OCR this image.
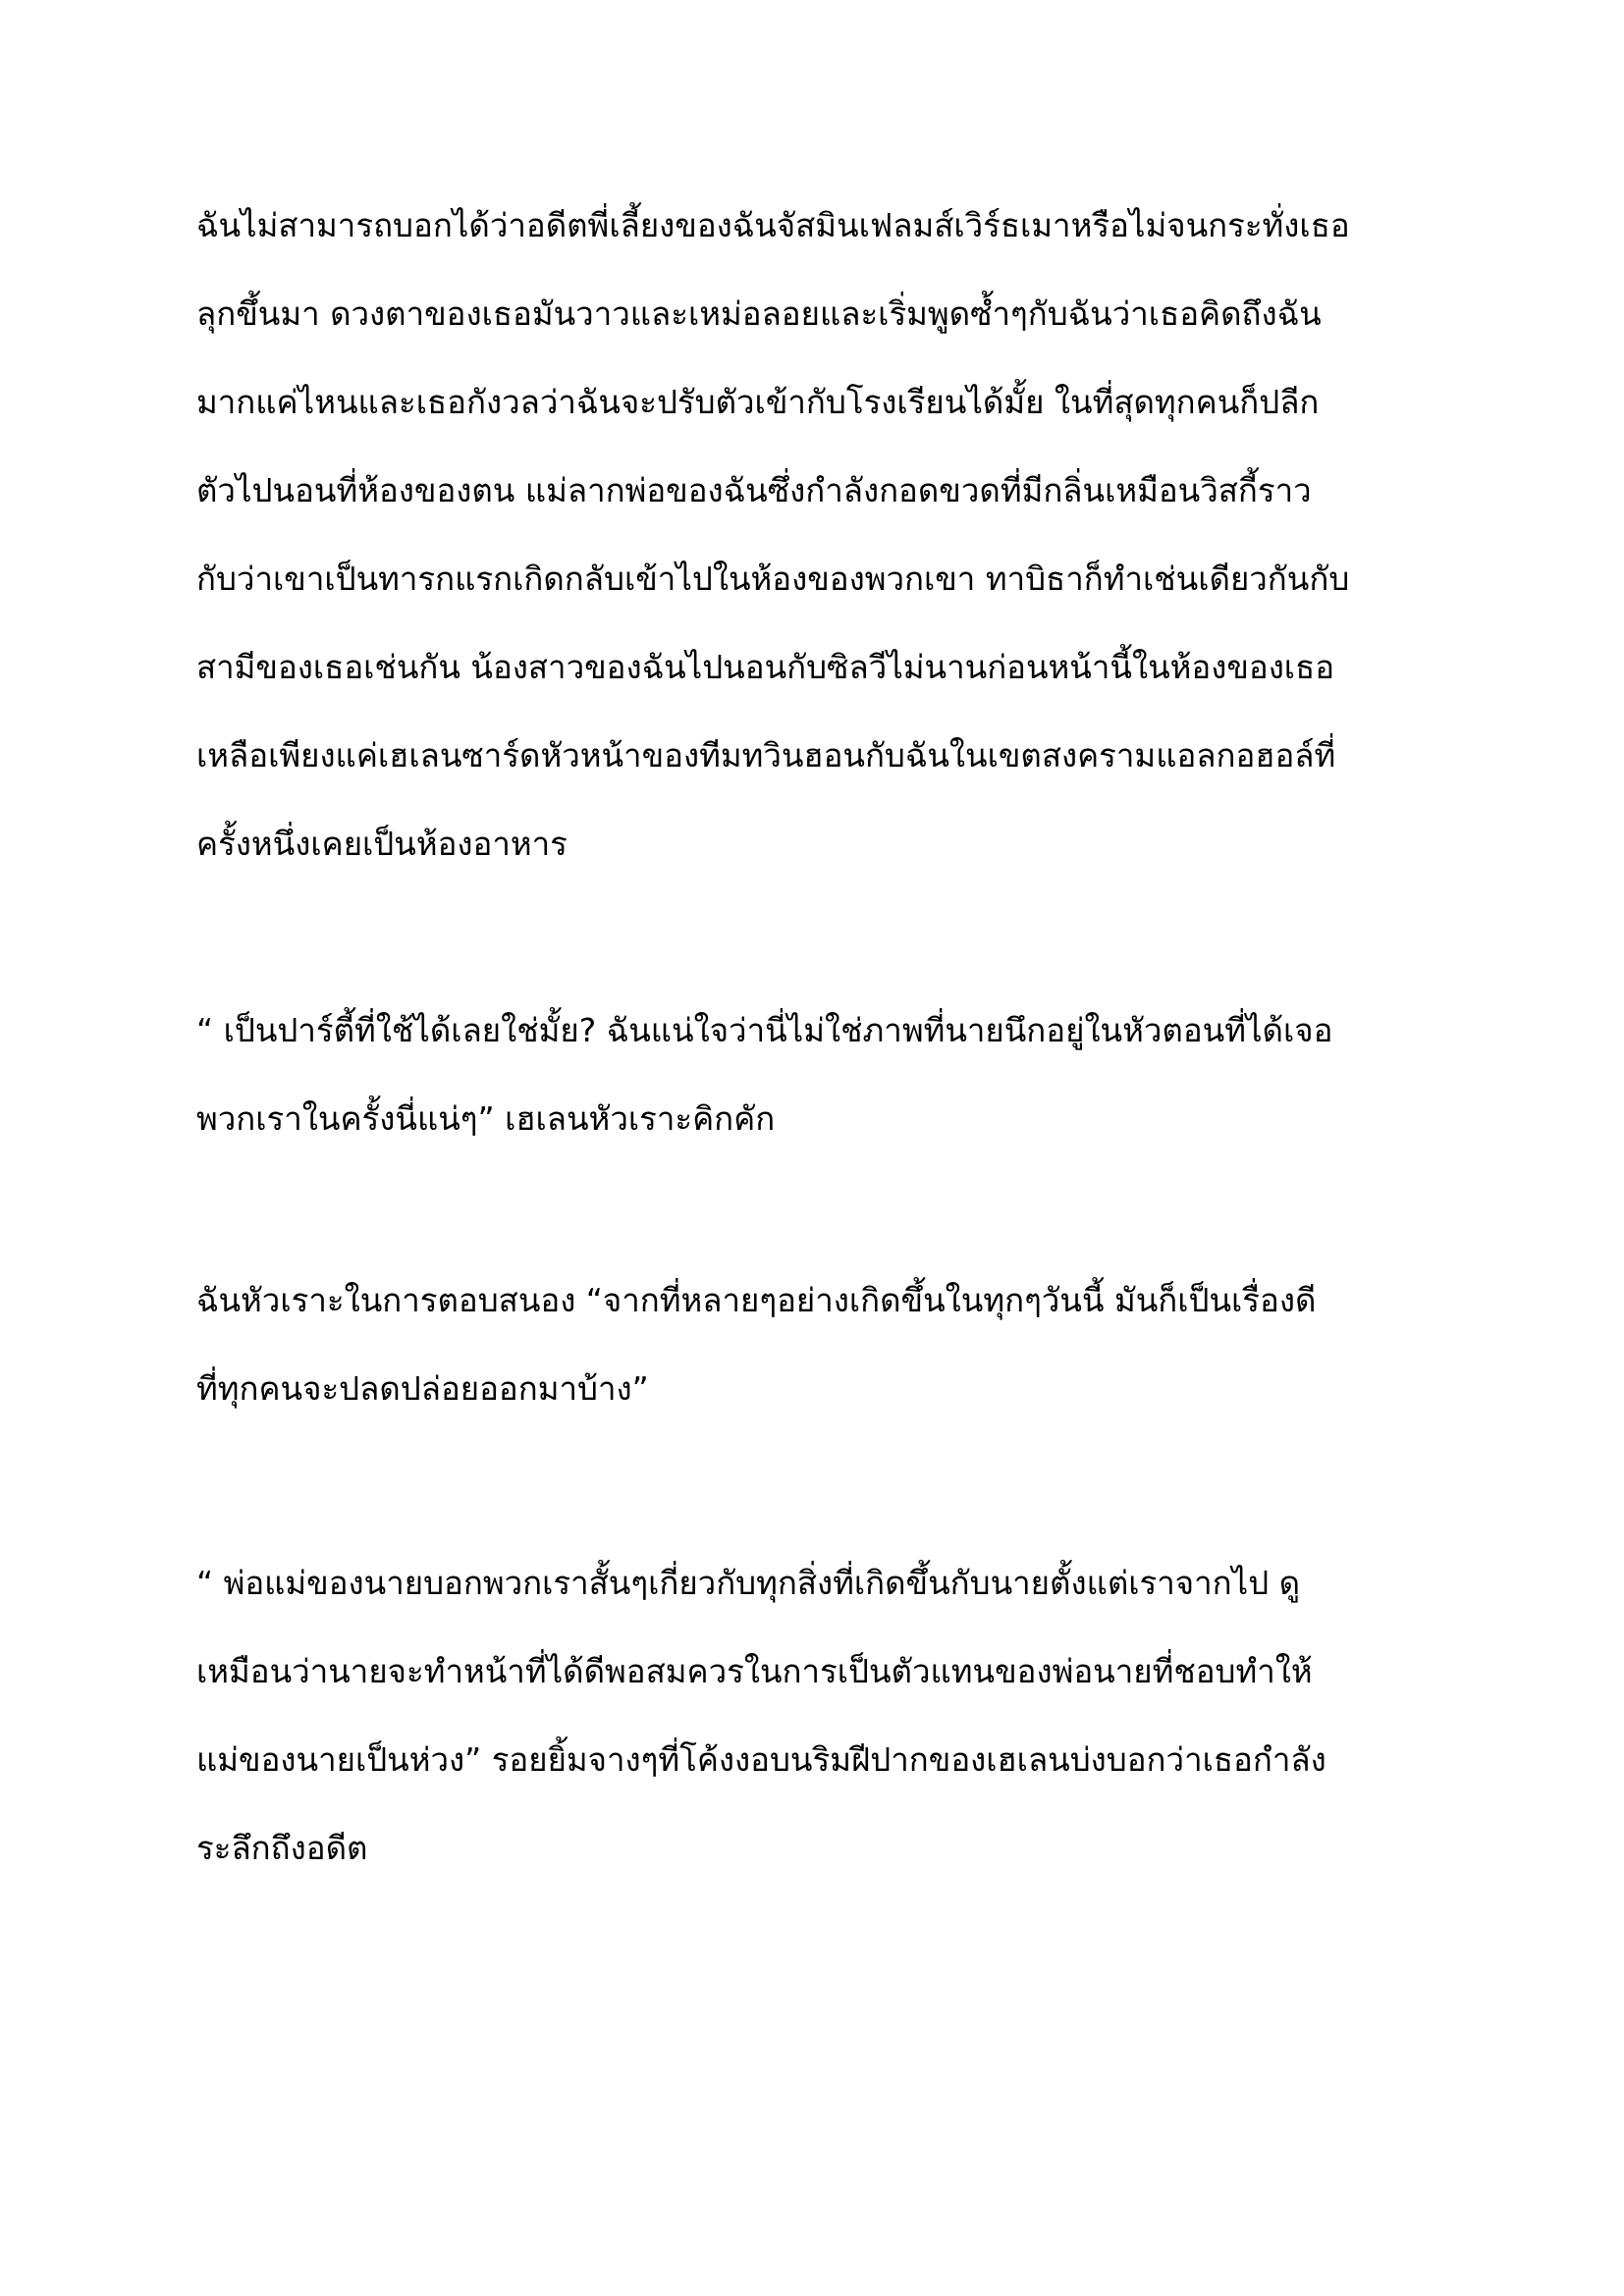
ฉันไม่สามารถบอกได้ว่าอดีตพี่เลี้ยงของฉันจัสมินเฟลมส์เวิร์ธเมาหรือไม่จนกระทั่งเธอ
ลุกขึ้นมา ดวงตาของเธอมันวาวและเหม่อลอยและเริ่มพูดซ้ำๆกับฉันว่าเธอคิดถึงฉัน
มากแค่ไหนและเธอกังวลว่าฉันจะปรับตัวเข้ากับโรงเรียนได้มั้ย ในที่สุดทุกคนก็ปลีก
ตัวไปนอนที่ห้องของตน แม่ลากพ่อของฉันซึ่งกำลังกอดขวดที่มีกลิ่นเหมือนวิสกี้ราว
กับว่าเขาเป็นทารกแรกเกิดกลับเข้าไปในห้องของพวกเขา ทาบิธาก็ทำเช่นเดียวกันกับ
สามีของเธอเช่นกัน น้องสาวของฉันไปนอนกับซิลวีไม่นานก่อนหน้านี้ในห้องของเธอ
เหลือเพียงแค่เฮเลนซาร์ดหัวหน้าของทีมทวินฮอนกับฉันในเขตสงครามแอลกอฮอล์ที่
ครั้งหนึ่งเคยเป็นห้องอาหาร
“ เป็นปาร์ตี้ที่ใช้ได้เลยใช่มั้ย? ฉันแน่ใจว่านี่ไม่ใช่ภาพที่นายนึกอยู่ในหัวตอนที่ได้เจอ
พวกเราในครั้งนี่แน่ๆ” เฮเลนหัวเราะคิกคัก
ฉันหัวเราะในการตอบสนอง “จากที่หลายๆอย่างเกิดขึ้นในทุกๆวันนี้ มันก็เป็นเรื่องดี
ที่ทุกคนจะปลดปล่อยออกมาบ้าง”
“ พ่อแม่ของนายบอกพวกเราสั้นๆเกี่ยวกับทุกสิ่งที่เกิดขึ้นกับนายตั้งแต่เราจากไป ดู
เหมือนว่านายจะทำหน้าที่ได้ดีพอสมควรในการเป็นตัวแทนของพ่อนายที่ชอบทำให้
แม่ของนายเป็นห่วง” รอยยิ้มจางๆที่โค้งงอบนริมฝีปากของเฮเลนบ่งบอกว่าเธอกำลัง
ระลึกถึงอดีต
